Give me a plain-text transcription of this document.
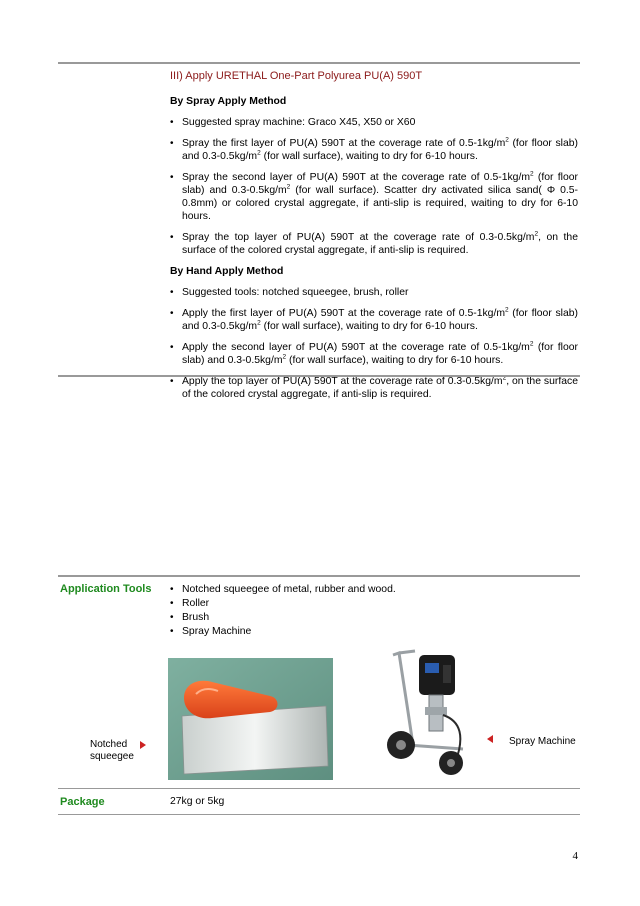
III) Apply URETHAL One-Part Polyurea PU(A) 590T
By Spray Apply Method
• Suggested spray machine: Graco X45, X50 or X60
• Spray the first layer of PU(A) 590T at the coverage rate of $0.5-1kg/m^2$ (for floor slab) and $0.3-0.5kg/m^2$ (for wall surface), waiting to dry for 6-10 hours.
• Spray the second layer of PU(A) 590T at the coverage rate of $0.5-1kg/m^2$ (for floor slab) and $0.3-0.5kg/m^2$ (for wall surface). Scatter dry activated silica sand( Φ 0.5-0.8mm) or colored crystal aggregate, if anti-slip is required, waiting to dry for 6-10 hours.
• Spray the top layer of PU(A) 590T at the coverage rate of $0.3-0.5kg/m^2$, on the surface of the colored crystal aggregate, if anti-slip is required.
By Hand Apply Method
• Suggested tools: notched squeegee, brush, roller
• Apply the first layer of PU(A) 590T at the coverage rate of $0.5-1kg/m^2$ (for floor slab) and $0.3-0.5kg/m^2$ (for wall surface), waiting to dry for 6-10 hours.
• Apply the second layer of PU(A) 590T at the coverage rate of $0.5-1kg/m^2$ (for floor slab) and $0.3-0.5kg/m^2$ (for wall surface), waiting to dry for 6-10 hours.
• Apply the top layer of PU(A) 590T at the coverage rate of $0.3-0.5kg/m^2$, on the surface of the colored crystal aggregate, if anti-slip is required.
Application Tools
•	Notched squeegee of metal, rubber and wood.
• Roller
• Brush
• Spray Machine
Notched
squeegee
Spray Machine
Package	27kg or 5kg
4
